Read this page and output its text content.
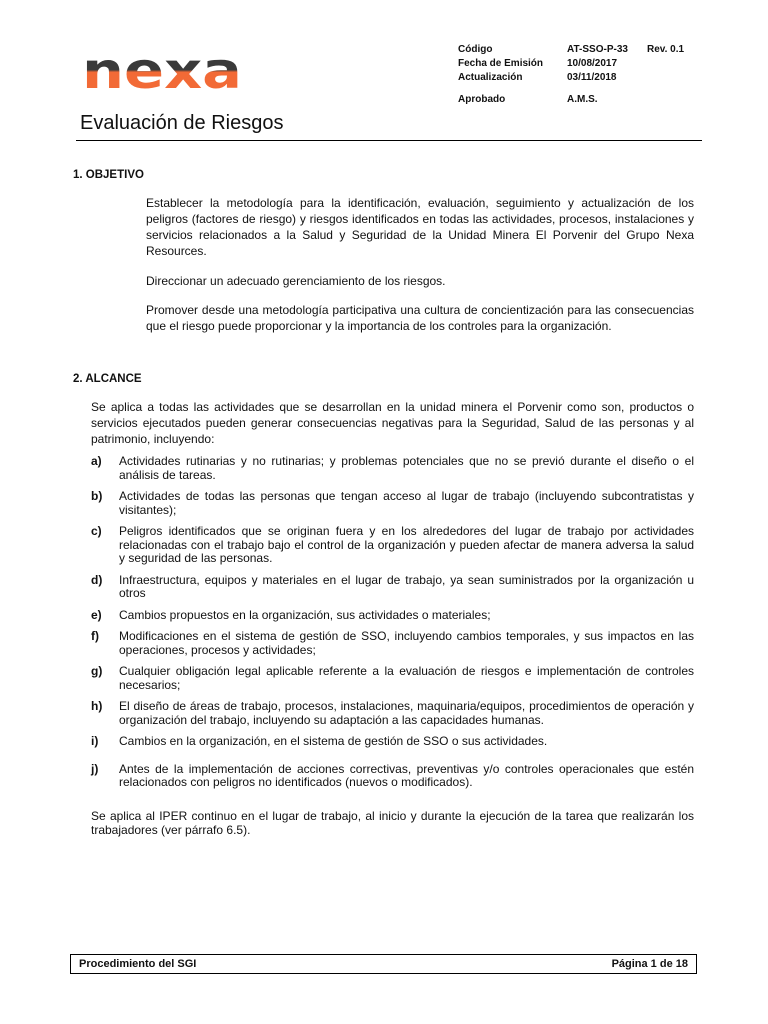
nexa	Código	AT-SSO-P-33	Rev. 0.1
Fecha de Emisión	10/08/2017
Actualización	03/11/2018
Aprobado	A.M.S.
Evaluación de Riesgos
1. OBJETIVO
Establecer la metodología para la identificación, evaluación, seguimiento y actualización de los peligros (factores de riesgo) y riesgos identificados en todas las actividades, procesos, instalaciones y servicios relacionados a la Salud y Seguridad de la Unidad Minera El Porvenir del Grupo Nexa Resources.
Direccionar un adecuado gerenciamiento de los riesgos.
Promover desde una metodología participativa una cultura de concientización para las consecuencias que el riesgo puede proporcionar y la importancia de los controles para la organización.
2. ALCANCE
Se aplica a todas las actividades que se desarrollan en la unidad minera el Porvenir como son, productos o servicios ejecutados pueden generar consecuencias negativas para la Seguridad, Salud de las personas y al patrimonio, incluyendo:
a)	Actividades rutinarias y no rutinarias; y problemas potenciales que no se previó durante el diseño o el análisis de tareas.
b)	Actividades de todas las personas que tengan acceso al lugar de trabajo (incluyendo subcontratistas y visitantes);
c)	Peligros identificados que se originan fuera y en los alrededores del lugar de trabajo por actividades relacionadas con el trabajo bajo el control de la organización y pueden afectar de manera adversa la salud y seguridad de las personas.
d)	Infraestructura, equipos y materiales en el lugar de trabajo, ya sean suministrados por la organización u otros
e)	Cambios propuestos en la organización, sus actividades o materiales;
f)	Modificaciones en el sistema de gestión de SSO, incluyendo cambios temporales, y sus impactos en las operaciones, procesos y actividades;
g)	Cualquier obligación legal aplicable referente a la evaluación de riesgos e implementación de controles necesarios;
h)	El diseño de áreas de trabajo, procesos, instalaciones, maquinaria/equipos, procedimientos de operación y organización del trabajo, incluyendo su adaptación a las capacidades humanas.
i)	Cambios en la organización, en el sistema de gestión de SSO o sus actividades.
j)	Antes de la implementación de acciones correctivas, preventivas y/o controles operacionales que estén relacionados con peligros no identificados (nuevos o modificados).
Se aplica al IPER continuo en el lugar de trabajo, al inicio y durante la ejecución de la tarea que realizarán los trabajadores (ver párrafo 6.5).
Procedimiento del SGI	Página 1 de 18
